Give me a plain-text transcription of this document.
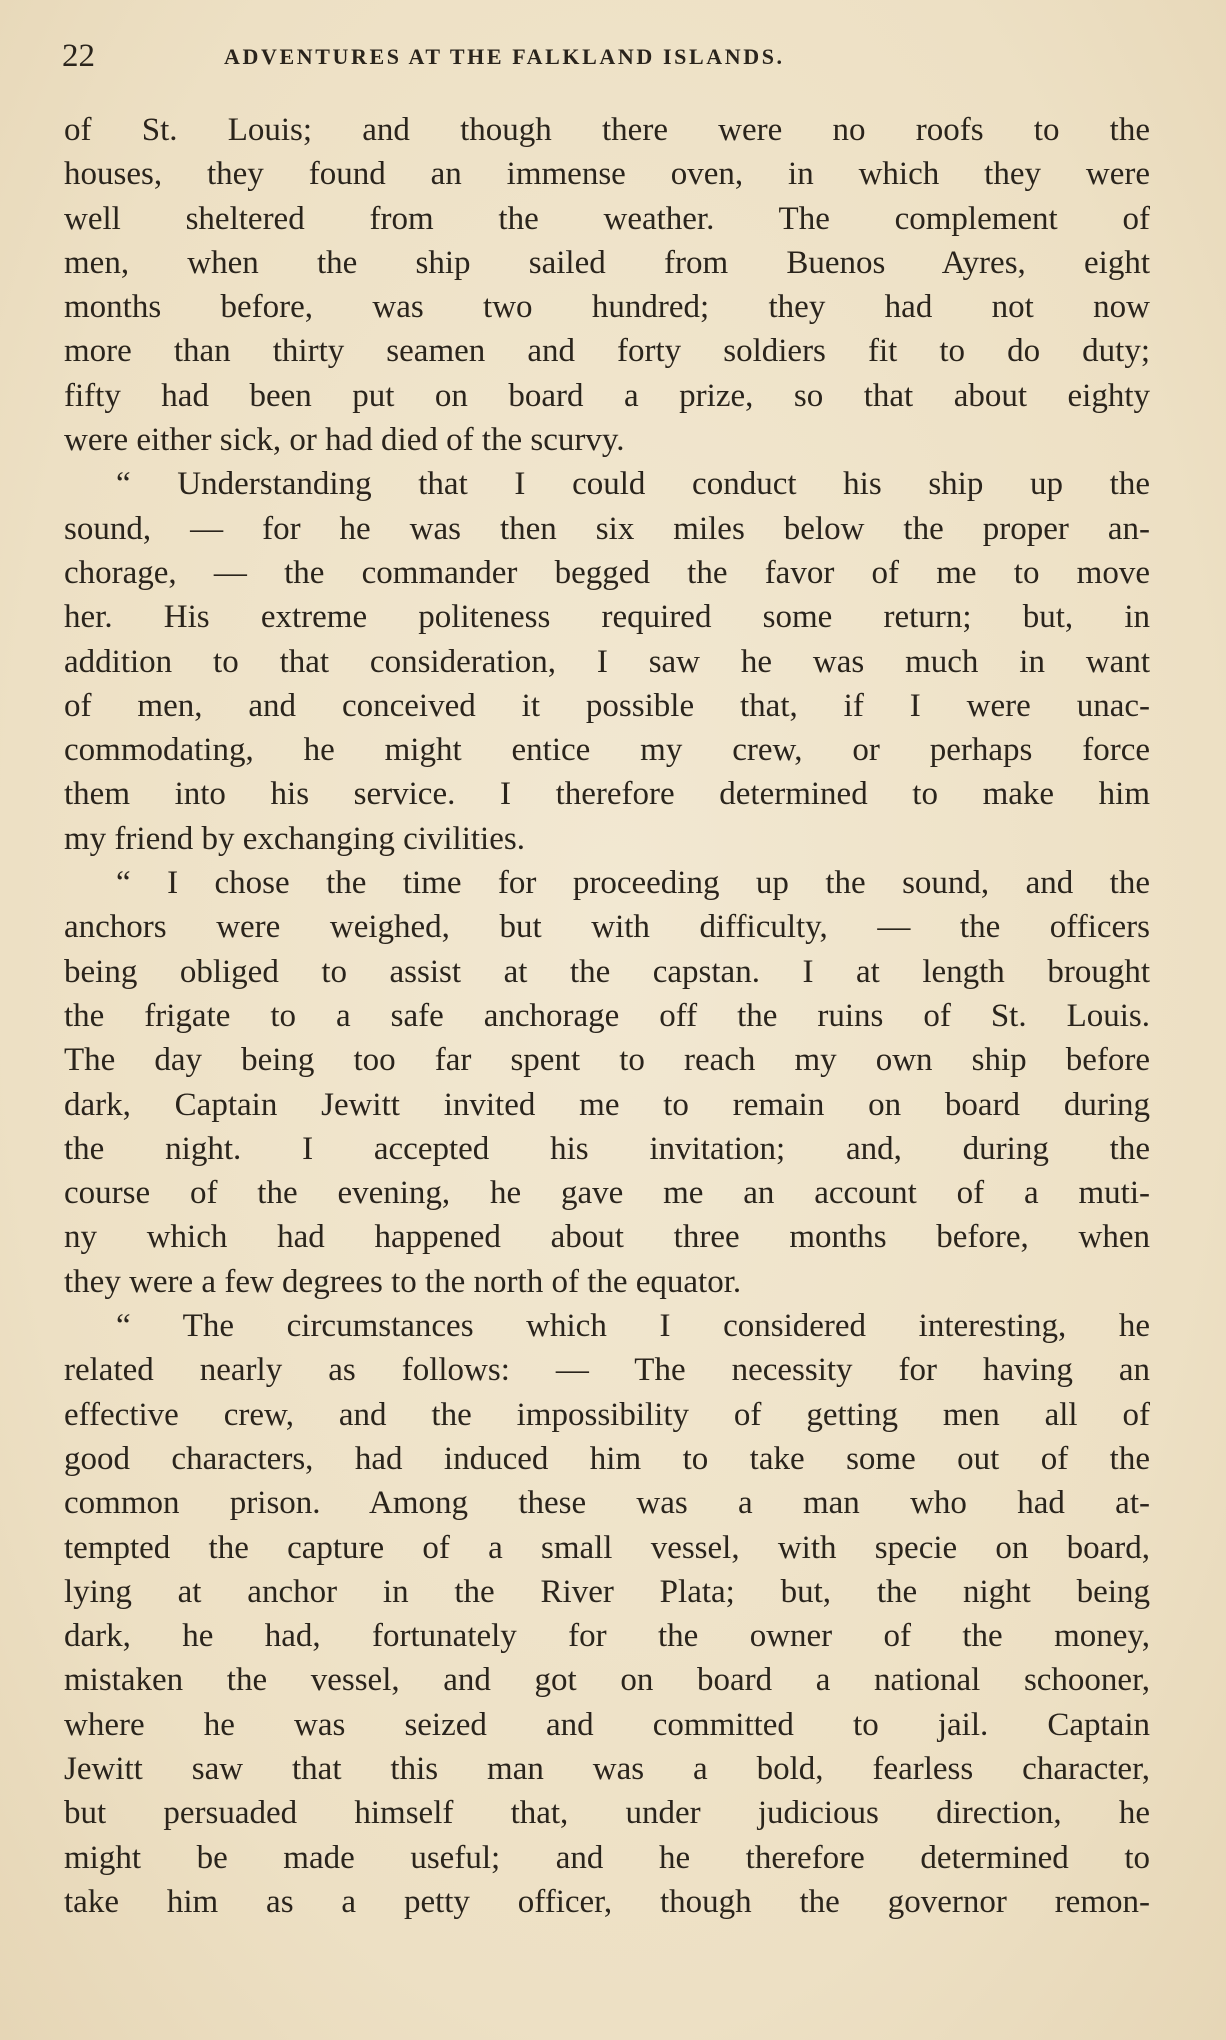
22	ADVENTURES AT THE FALKLAND ISLANDS.

of St. Louis; and though there were no roofs to the
houses, they found an immense oven, in which they were
well sheltered from the weather. The complement of
men, when the ship sailed from Buenos Ayres, eight
months before, was two hundred; they had not now
more than thirty seamen and forty soldiers fit to do duty;
fifty had been put on board a prize, so that about eighty
were either sick, or had died of the scurvy.

“ Understanding that I could conduct his ship up the
sound, — for he was then six miles below the proper an-
chorage, — the commander begged the favor of me to move
her. His extreme politeness required some return; but, in
addition to that consideration, I saw he was much in want
of men, and conceived it possible that, if I were unac-
commodating, he might entice my crew, or perhaps force
them into his service. I therefore determined to make him
my friend by exchanging civilities.

“ I chose the time for proceeding up the sound, and the
anchors were weighed, but with difficulty, — the officers
being obliged to assist at the capstan. I at length brought
the frigate to a safe anchorage off the ruins of St. Louis.
The day being too far spent to reach my own ship before
dark, Captain Jewitt invited me to remain on board during
the night. I accepted his invitation; and, during the
course of the evening, he gave me an account of a muti-
ny which had happened about three months before, when
they were a few degrees to the north of the equator.

“ The circumstances which I considered interesting, he
related nearly as follows: — The necessity for having an
effective crew, and the impossibility of getting men all of
good characters, had induced him to take some out of the
common prison. Among these was a man who had at-
tempted the capture of a small vessel, with specie on board,
lying at anchor in the River Plata; but, the night being
dark, he had, fortunately for the owner of the money,
mistaken the vessel, and got on board a national schooner,
where he was seized and committed to jail. Captain
Jewitt saw that this man was a bold, fearless character,
but persuaded himself that, under judicious direction, he
might be made useful; and he therefore determined to
take him as a petty officer, though the governor remon-
